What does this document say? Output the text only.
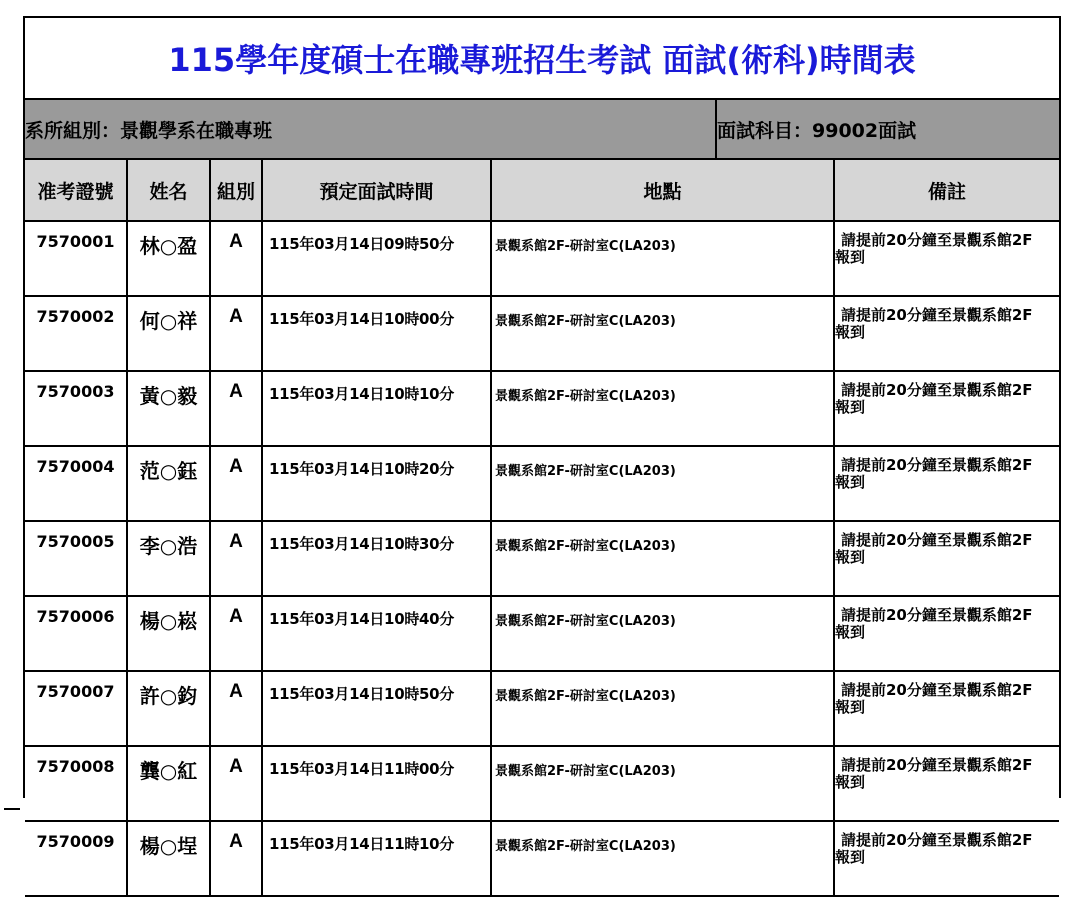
115學年度碩士在職專班招生考試 面試(術科)時間表
系所組別：景觀學系在職專班	面試科目：99002面試
准考證號	姓名	組別	預定面試時間	地點	備註
7570001	林○盈	A	115年03月14日09時50分	景觀系館2F-研討室C(LA203)	請提前20分鐘至景觀系館2F報到

7570002	何○祥	A	115年03月14日10時00分	景觀系館2F-研討室C(LA203)	請提前20分鐘至景觀系館2F報到

7570003	黃○毅	A	115年03月14日10時10分	景觀系館2F-研討室C(LA203)	請提前20分鐘至景觀系館2F報到

7570004	范○鈺	A	115年03月14日10時20分	景觀系館2F-研討室C(LA203)	請提前20分鐘至景觀系館2F報到

7570005	李○浩	A	115年03月14日10時30分	景觀系館2F-研討室C(LA203)	請提前20分鐘至景觀系館2F報到

7570006	楊○崧	A	115年03月14日10時40分	景觀系館2F-研討室C(LA203)	請提前20分鐘至景觀系館2F報到

7570007	許○鈞	A	115年03月14日10時50分	景觀系館2F-研討室C(LA203)	請提前20分鐘至景觀系館2F報到

7570008	龔○紅	A	115年03月14日11時00分	景觀系館2F-研討室C(LA203)	請提前20分鐘至景觀系館2F報到

7570009	楊○埕	A	115年03月14日11時10分	景觀系館2F-研討室C(LA203)	請提前20分鐘至景觀系館2F報到
